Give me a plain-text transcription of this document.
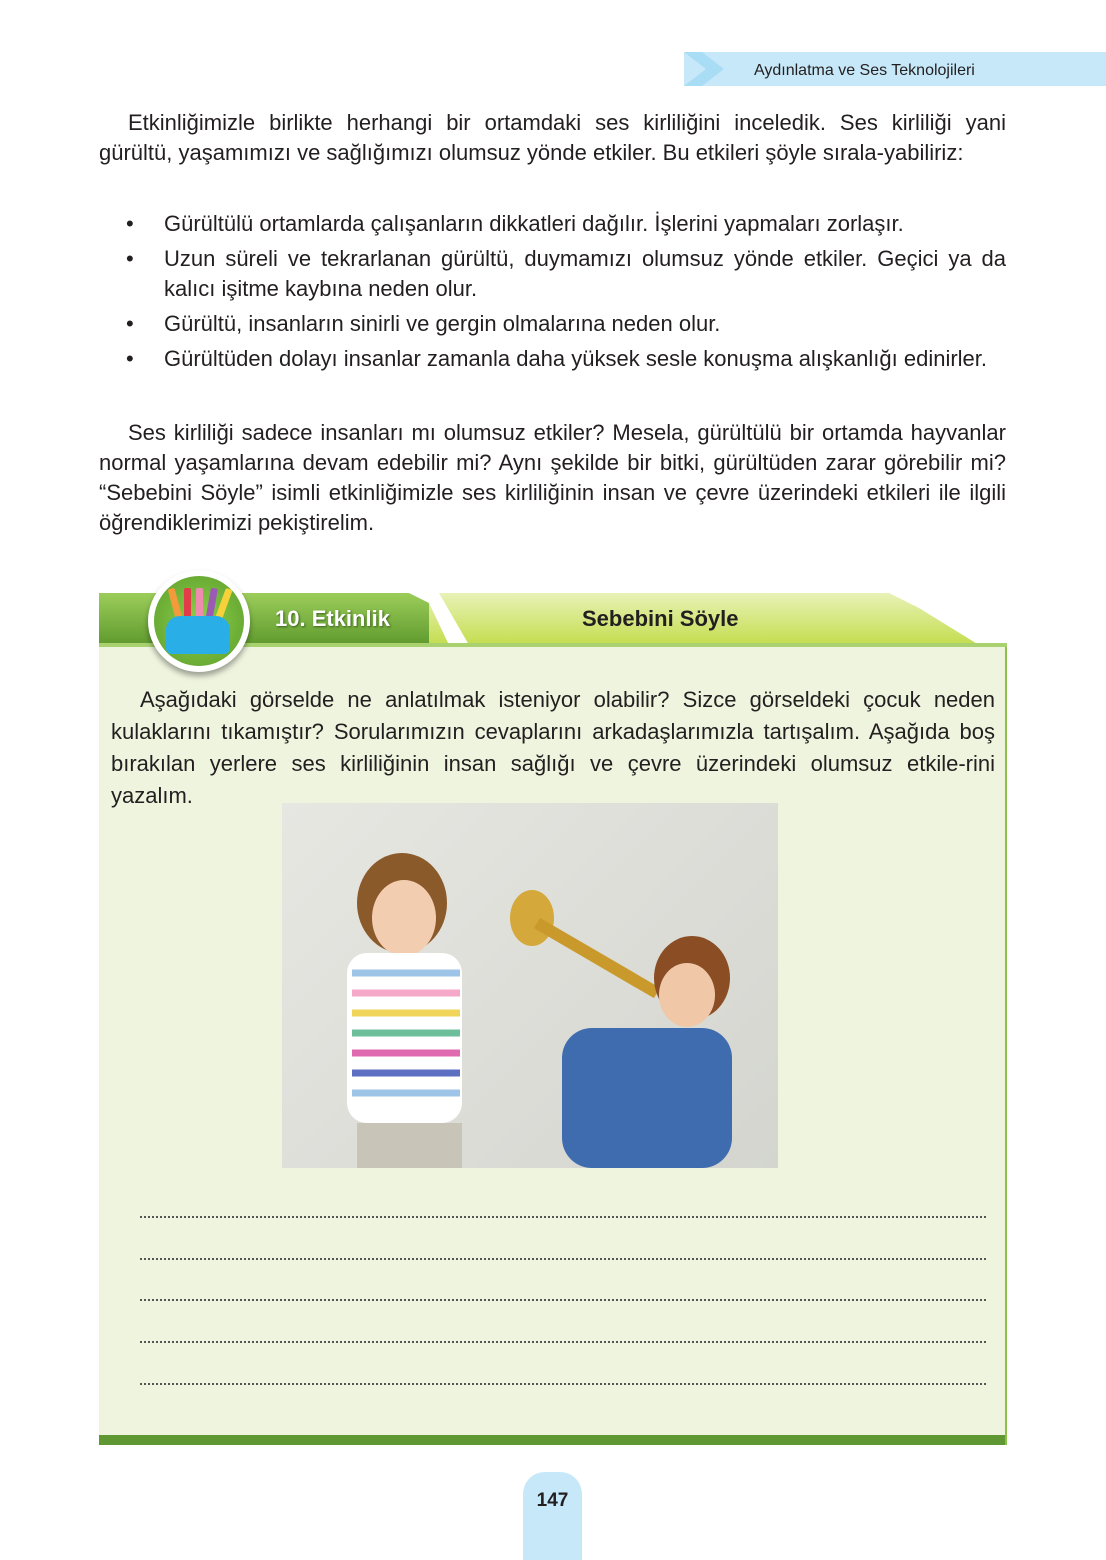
Aydınlatma ve Ses Teknolojileri

Etkinliğimizle birlikte herhangi bir ortamdaki ses kirliliğini inceledik. Ses kirliliği yani gürültü, yaşamımızı ve sağlığımızı olumsuz yönde etkiler. Bu etkileri şöyle sırala-yabiliriz:

• Gürültülü ortamlarda çalışanların dikkatleri dağılır. İşlerini yapmaları zorlaşır.
• Uzun süreli ve tekrarlanan gürültü, duymamızı olumsuz yönde etkiler. Geçici ya da kalıcı işitme kaybına neden olur.
• Gürültü, insanların sinirli ve gergin olmalarına neden olur.
• Gürültüden dolayı insanlar zamanla daha yüksek sesle konuşma alışkanlığı edinirler.

Ses kirliliği sadece insanları mı olumsuz etkiler? Mesela, gürültülü bir ortamda hayvanlar normal yaşamlarına devam edebilir mi? Aynı şekilde bir bitki, gürültüden zarar görebilir mi? “Sebebini Söyle” isimli etkinliğimizle ses kirliliğinin insan ve çevre üzerindeki etkileri ile ilgili öğrendiklerimizi pekiştirelim.

10. Etkinlik	Sebebini Söyle

Aşağıdaki görselde ne anlatılmak isteniyor olabilir? Sizce görseldeki çocuk neden kulaklarını tıkamıştır? Sorularımızın cevaplarını arkadaşlarımızla tartışalım. Aşağıda boş bırakılan yerlere ses kirliliğinin insan sağlığı ve çevre üzerindeki olumsuz etkile-rini yazalım.

147
